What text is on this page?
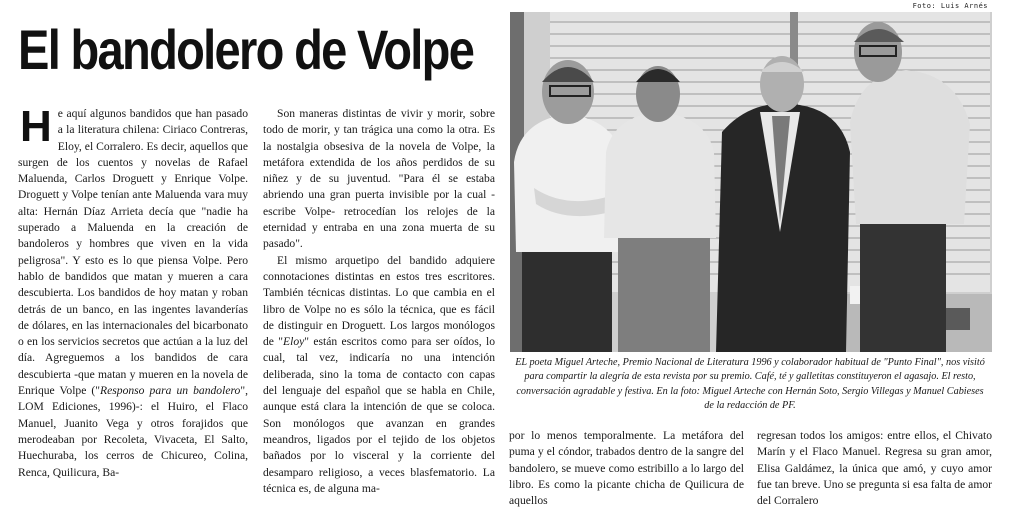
Foto: Luis Arnés
El bandolero de Volpe

He aquí algunos bandidos que han pasado a la literatura chilena: Ciriaco Contreras, Eloy, el Corralero. Es decir, aquellos que surgen de los cuentos y novelas de Rafael Maluenda, Carlos Droguett y Enrique Volpe. Droguett y Volpe tenían ante Maluenda vara muy alta: Hernán Díaz Arrieta decía que "nadie ha superado a Maluenda en la creación de bandoleros y hombres que viven en la vida peligrosa". Y esto es lo que piensa Volpe. Pero hablo de bandidos que matan y mueren a cara descubierta. Los bandidos de hoy matan y roban detrás de un banco, en las ingentes lavanderías de dólares, en las internacionales del bicarbonato o en los servicios secretos que actúan a la luz del día. Agreguemos a los bandidos de cara descubierta -que matan y mueren en la novela de Enrique Volpe ("Responso para un bandolero", LOM Ediciones, 1996)-: el Huiro, el Flaco Manuel, Juanito Vega y otros forajidos que merodeaban por Recoleta, Vivaceta, El Salto, Huechuraba, los cerros de Chicureo, Colina, Renca, Quilicura, Ba-

Son maneras distintas de vivir y morir, sobre todo de morir, y tan trágica una como la otra. Es la nostalgia obsesiva de la novela de Volpe, la metáfora extendida de los años perdidos de su niñez y de su juventud. "Para él se estaba abriendo una gran puerta invisible por la cual -escribe Volpe- retrocedían los relojes de la eternidad y entraba en una zona muerta de su pasado".

El mismo arquetipo del bandido adquiere connotaciones distintas en estos tres escritores. También técnicas distintas. Lo que cambia en el libro de Volpe no es sólo la técnica, que es fácil de distinguir en Droguett. Los largos monólogos de "Eloy" están escritos como para ser oídos, lo cual, tal vez, indicaría no una intención deliberada, sino la toma de contacto con capas del lenguaje del español que se habla en Chile, aunque está clara la intención de que se coloca. Son monólogos que avanzan en grandes meandros, ligados por el tejido de los objetos bañados por lo visceral y la corriente del desamparo religioso, a veces blasfematorio. La técnica es, de alguna ma-

EL poeta Miguel Arteche, Premio Nacional de Literatura 1996 y colaborador habitual de "Punto Final", nos visitó para compartir la alegría de esta revista por su premio. Café, té y galletitas constituyeron el agasajo. El resto, conversación agradable y festiva. En la foto: Miguel Arteche con Hernán Soto, Sergio Villegas y Manuel Cabieses de la redacción de PF.

por lo menos temporalmente. La metáfora del puma y el cóndor, trabados dentro de la sangre del bandolero, se mueve como estribillo a lo largo del libro. Es como la picante chicha de Quilicura de aquellos

regresan todos los amigos: entre ellos, el Chivato Marín y el Flaco Manuel. Regresa su gran amor, Elisa Galdámez, la única que amó, y cuyo amor fue tan breve. Uno se pregunta si esa falta de amor del Corralero
